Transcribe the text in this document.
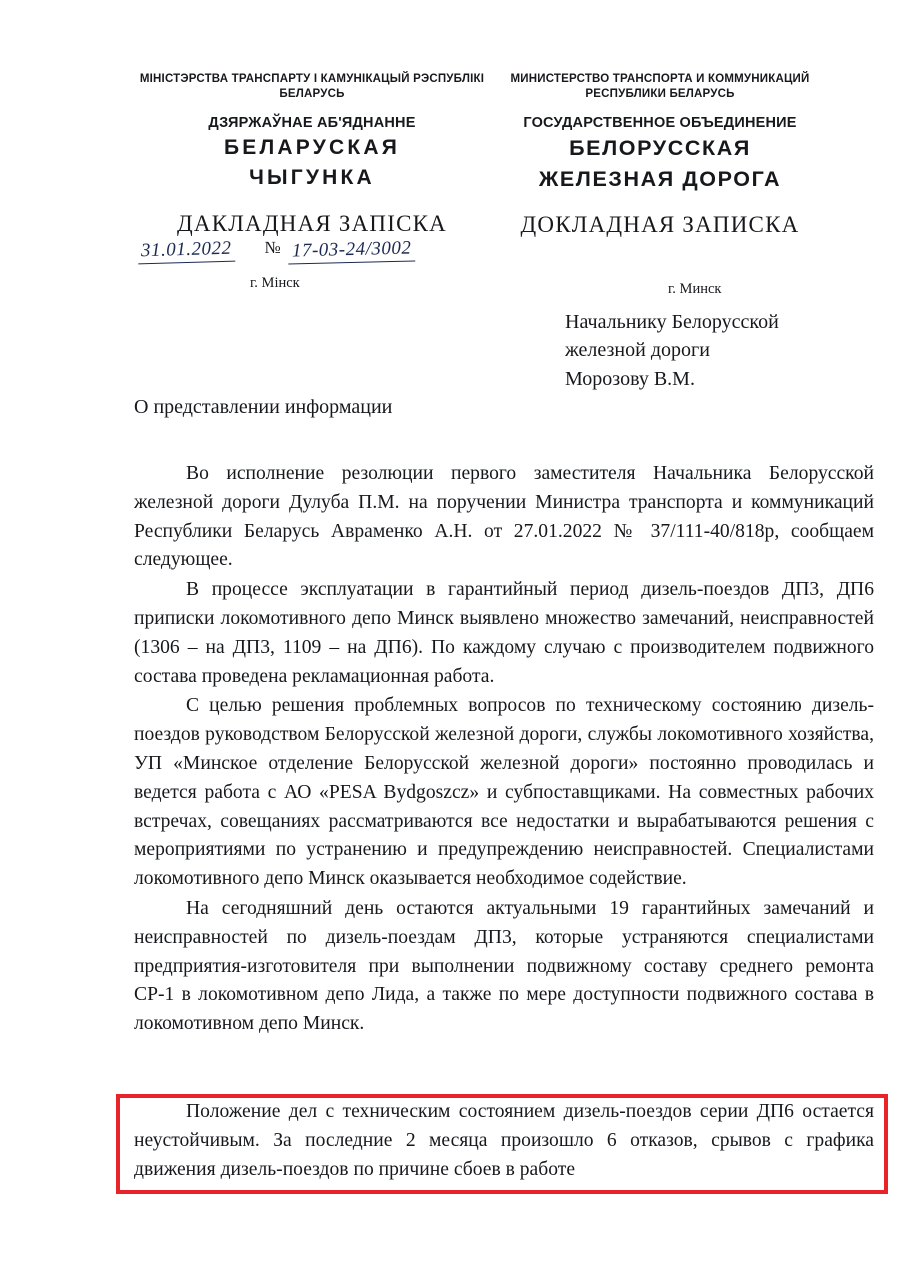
МІНІСТЭРСТВА ТРАНСПАРТУ І КАМУНІКАЦЫЙ РЭСПУБЛІКІ БЕЛАРУСЬ
ДЗЯРЖАЎНАЕ АБ'ЯДНАННЕ
БЕЛАРУСКАЯ
ЧЫГУНКА
ДАКЛАДНАЯ ЗАПІСКА
МИНИСТЕРСТВО ТРАНСПОРТА И КОММУНИКАЦИЙ РЕСПУБЛИКИ БЕЛАРУСЬ
ГОСУДАРСТВЕННОЕ ОБЪЕДИНЕНИЕ
БЕЛОРУССКАЯ
ЖЕЛЕЗНАЯ ДОРОГА
ДОКЛАДНАЯ ЗАПИСКА
31.01.2022 № 17-03-24/3002
г. Мінск	г. Минск
Начальнику Белорусской
железной дороги
Морозову В.М.
О представлении информации

Во исполнение резолюции первого заместителя Начальника Белорусской железной дороги Дулуба П.М. на поручении Министра транспорта и коммуникаций Республики Беларусь Авраменко А.Н. от 27.01.2022 № 37/111-40/818р, сообщаем следующее.

В процессе эксплуатации в гарантийный период дизель-поездов ДП3, ДП6 приписки локомотивного депо Минск выявлено множество замечаний, неисправностей (1306 – на ДП3, 1109 – на ДП6). По каждому случаю с производителем подвижного состава проведена рекламационная работа.

С целью решения проблемных вопросов по техническому состоянию дизель-поездов руководством Белорусской железной дороги, службы локомотивного хозяйства, УП «Минское отделение Белорусской железной дороги» постоянно проводилась и ведется работа с АО «PESA Bydgoszcz» и субпоставщиками. На совместных рабочих встречах, совещаниях рассматриваются все недостатки и вырабатываются решения с мероприятиями по устранению и предупреждению неисправностей. Специалистами локомотивного депо Минск оказывается необходимое содействие.

На сегодняшний день остаются актуальными 19 гарантийных замечаний и неисправностей по дизель-поездам ДП3, которые устраняются специалистами предприятия-изготовителя при выполнении подвижному составу среднего ремонта СР-1 в локомотивном депо Лида, а также по мере доступности подвижного состава в локомотивном депо Минск.

Положение дел с техническим состоянием дизель-поездов серии ДП6 остается неустойчивым. За последние 2 месяца произошло 6 отказов, срывов с графика движения дизель-поездов по причине сбоев в работе
